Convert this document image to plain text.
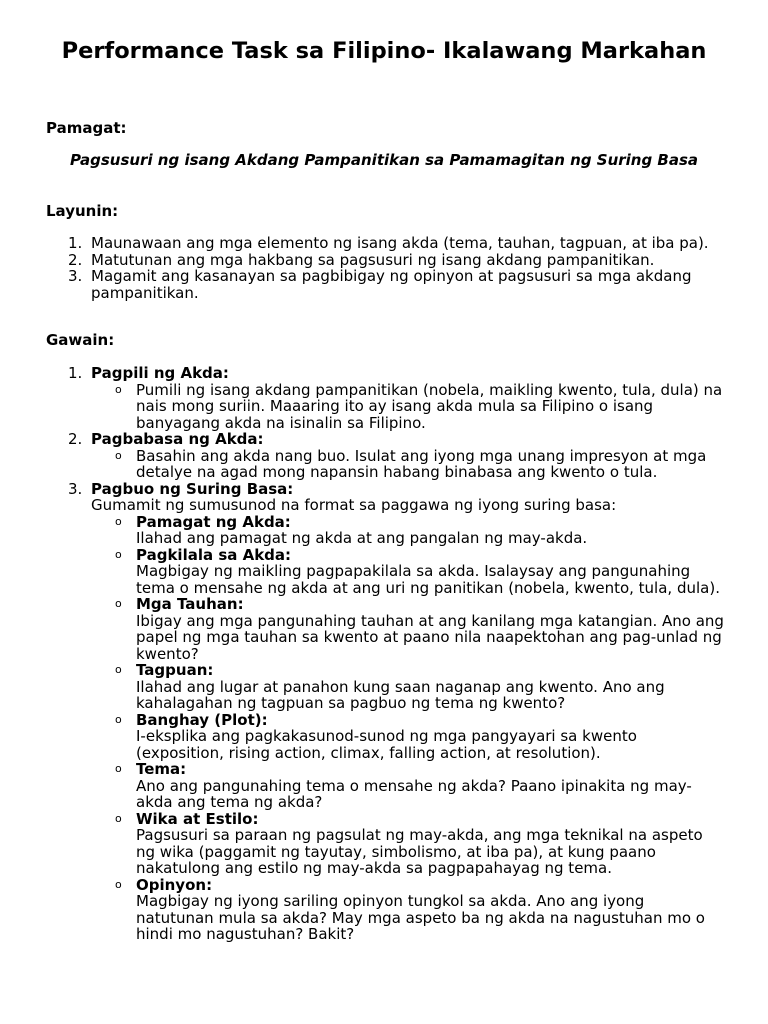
Performance Task sa Filipino- Ikalawang Markahan

Pamagat:

Pagsusuri ng isang Akdang Pampanitikan sa Pamamagitan ng Suring Basa

Layunin:

1. Maunawaan ang mga elemento ng isang akda (tema, tauhan, tagpuan, at iba pa).
2. Matutunan ang mga hakbang sa pagsusuri ng isang akdang pampanitikan.
3. Magamit ang kasanayan sa pagbibigay ng opinyon at pagsusuri sa mga akdang pampanitikan.

Gawain:

1. Pagpili ng Akda:
o Pumili ng isang akdang pampanitikan (nobela, maikling kwento, tula, dula) na nais mong suriin. Maaaring ito ay isang akda mula sa Filipino o isang banyagang akda na isinalin sa Filipino.
2. Pagbabasa ng Akda:
o Basahin ang akda nang buo. Isulat ang iyong mga unang impresyon at mga detalye na agad mong napansin habang binabasa ang kwento o tula.
3. Pagbuo ng Suring Basa:
Gumamit ng sumusunod na format sa paggawa ng iyong suring basa:
o Pamagat ng Akda:
Ilahad ang pamagat ng akda at ang pangalan ng may-akda.
o Pagkilala sa Akda:
Magbigay ng maikling pagpapakilala sa akda. Isalaysay ang pangunahing tema o mensahe ng akda at ang uri ng panitikan (nobela, kwento, tula, dula).
o Mga Tauhan:
Ibigay ang mga pangunahing tauhan at ang kanilang mga katangian. Ano ang papel ng mga tauhan sa kwento at paano nila naapektohan ang pag-unlad ng kwento?
o Tagpuan:
Ilahad ang lugar at panahon kung saan naganap ang kwento. Ano ang kahalagahan ng tagpuan sa pagbuo ng tema ng kwento?
o Banghay (Plot):
I-eksplika ang pagkakasunod-sunod ng mga pangyayari sa kwento (exposition, rising action, climax, falling action, at resolution).
o Tema:
Ano ang pangunahing tema o mensahe ng akda? Paano ipinakita ng may-akda ang tema ng akda?
o Wika at Estilo:
Pagsusuri sa paraan ng pagsulat ng may-akda, ang mga teknikal na aspeto ng wika (paggamit ng tayutay, simbolismo, at iba pa), at kung paano nakatulong ang estilo ng may-akda sa pagpapahayag ng tema.
o Opinyon:
Magbigay ng iyong sariling opinyon tungkol sa akda. Ano ang iyong natutunan mula sa akda? May mga aspeto ba ng akda na nagustuhan mo o hindi mo nagustuhan? Bakit?
